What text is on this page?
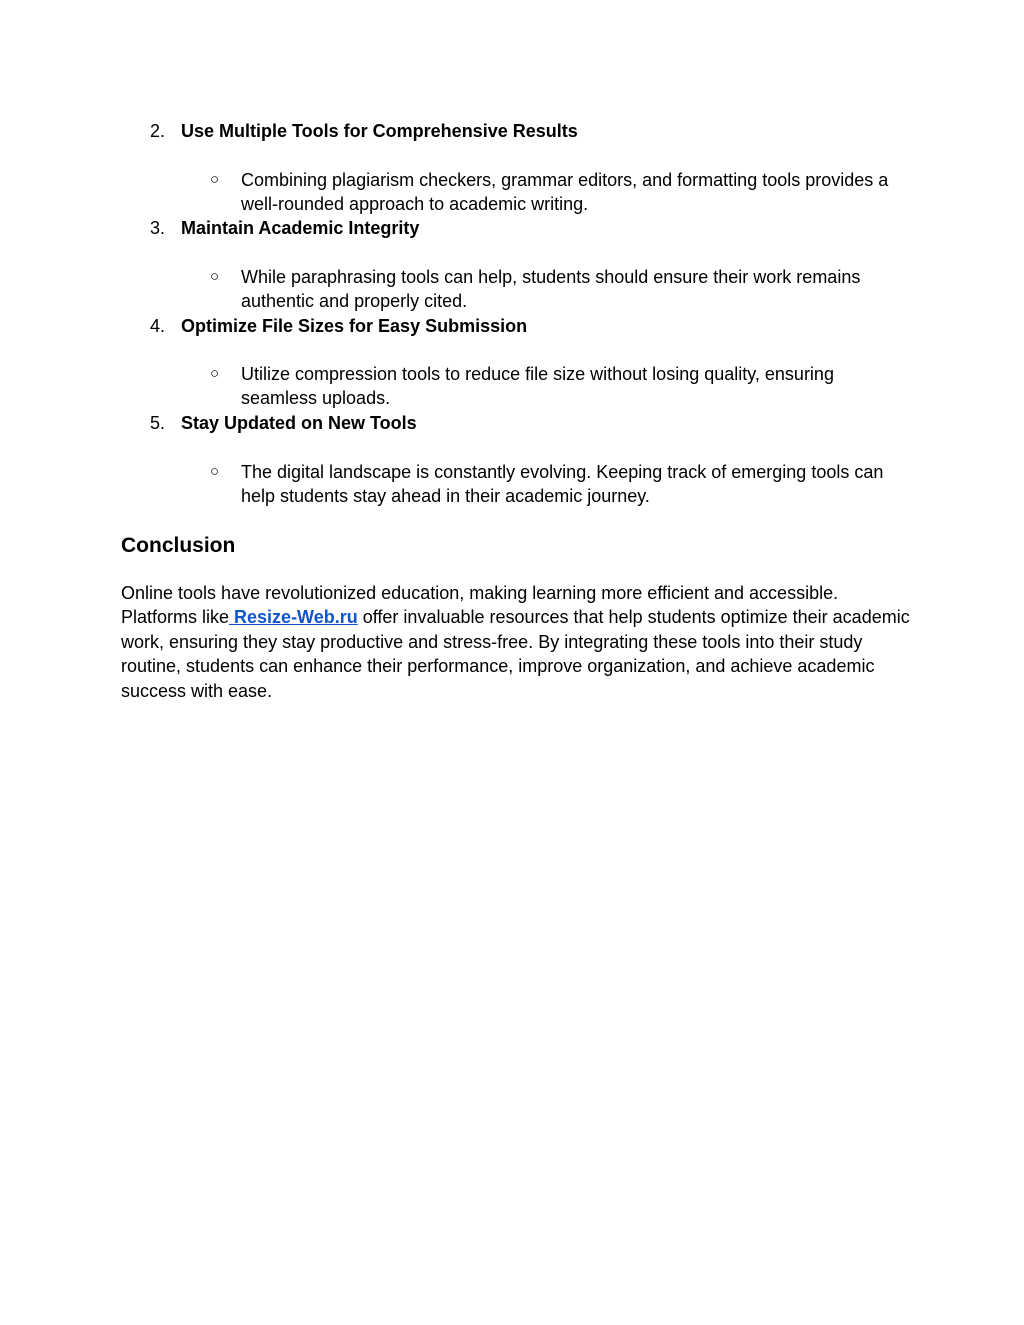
2. Use Multiple Tools for Comprehensive Results
○ Combining plagiarism checkers, grammar editors, and formatting tools provides a well-rounded approach to academic writing.
3. Maintain Academic Integrity
○ While paraphrasing tools can help, students should ensure their work remains authentic and properly cited.
4. Optimize File Sizes for Easy Submission
○ Utilize compression tools to reduce file size without losing quality, ensuring seamless uploads.
5. Stay Updated on New Tools
○ The digital landscape is constantly evolving. Keeping track of emerging tools can help students stay ahead in their academic journey.
Conclusion

Online tools have revolutionized education, making learning more efficient and accessible. Platforms like Resize-Web.ru offer invaluable resources that help students optimize their academic work, ensuring they stay productive and stress-free. By integrating these tools into their study routine, students can enhance their performance, improve organization, and achieve academic success with ease.
